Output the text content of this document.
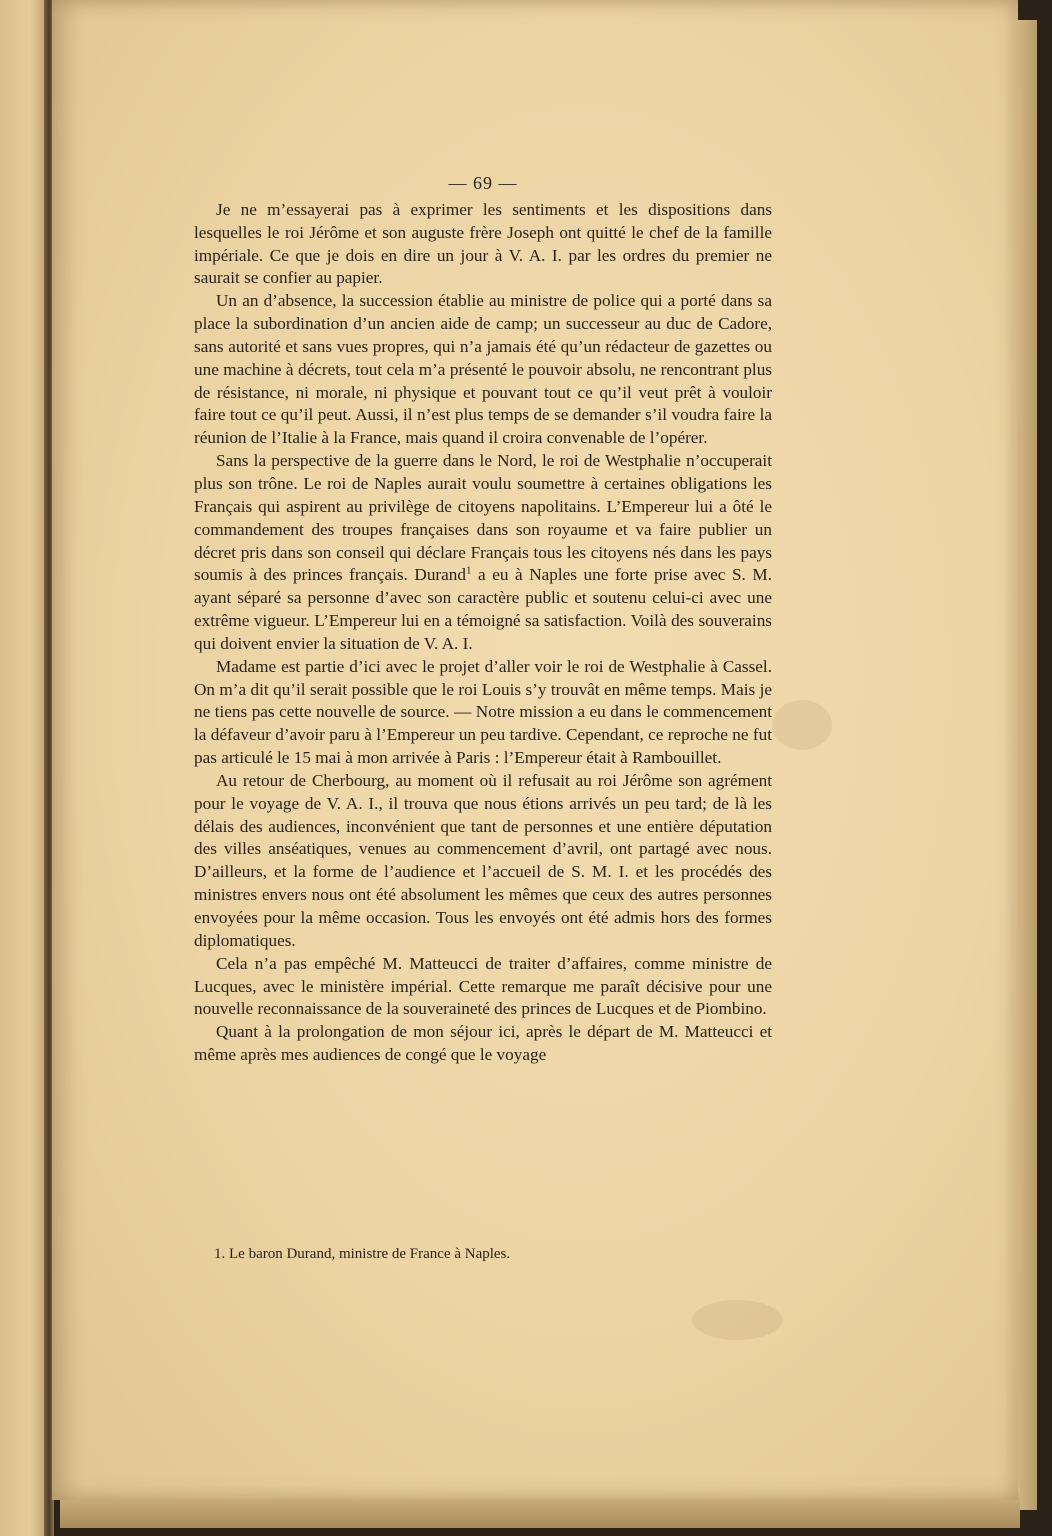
— 69 —

Je ne m’essayerai pas à exprimer les sentiments et les dispositions dans lesquelles le roi Jérôme et son auguste frère Joseph ont quitté le chef de la famille impériale. Ce que je dois en dire un jour à V. A. I. par les ordres du premier ne saurait se confier au papier.

Un an d’absence, la succession établie au ministre de police qui a porté dans sa place la subordination d’un ancien aide de camp; un successeur au duc de Cadore, sans autorité et sans vues propres, qui n’a jamais été qu’un rédacteur de gazettes ou une machine à décrets, tout cela m’a présenté le pouvoir absolu, ne rencontrant plus de résistance, ni morale, ni physique et pouvant tout ce qu’il veut prêt à vouloir faire tout ce qu’il peut. Aussi, il n’est plus temps de se demander s’il voudra faire la réunion de l’Italie à la France, mais quand il croira convenable de l’opérer.

Sans la perspective de la guerre dans le Nord, le roi de Westphalie n’occuperait plus son trône. Le roi de Naples aurait voulu soumettre à certaines obligations les Français qui aspirent au privilège de citoyens napolitains. L’Empereur lui a ôté le commandement des troupes françaises dans son royaume et va faire publier un décret pris dans son conseil qui déclare Français tous les citoyens nés dans les pays soumis à des princes français. Durand$^1$ a eu à Naples une forte prise avec S. M. ayant séparé sa personne d’avec son caractère public et soutenu celui-ci avec une extrême vigueur. L’Empereur lui en a témoigné sa satisfaction. Voilà des souverains qui doivent envier la situation de V. A. I.

Madame est partie d’ici avec le projet d’aller voir le roi de Westphalie à Cassel. On m’a dit qu’il serait possible que le roi Louis s’y trouvât en même temps. Mais je ne tiens pas cette nouvelle de source. — Notre mission a eu dans le commencement la défaveur d’avoir paru à l’Empereur un peu tardive. Cependant, ce reproche ne fut pas articulé le 15 mai à mon arrivée à Paris : l’Empereur était à Rambouillet.

Au retour de Cherbourg, au moment où il refusait au roi Jérôme son agrément pour le voyage de V. A. I., il trouva que nous étions arrivés un peu tard; de là les délais des audiences, inconvénient que tant de personnes et une entière députation des villes anséatiques, venues au commencement d’avril, ont partagé avec nous. D’ailleurs, et la forme de l’audience et l’accueil de S. M. I. et les procédés des ministres envers nous ont été absolument les mêmes que ceux des autres personnes envoyées pour la même occasion. Tous les envoyés ont été admis hors des formes diplomatiques.

Cela n’a pas empêché M. Matteucci de traiter d’affaires, comme ministre de Lucques, avec le ministère impérial. Cette remarque me paraît décisive pour une nouvelle reconnaissance de la souveraineté des princes de Lucques et de Piombino.

Quant à la prolongation de mon séjour ici, après le départ de M. Matteucci et même après mes audiences de congé que le voyage

1. Le baron Durand, ministre de France à Naples.
